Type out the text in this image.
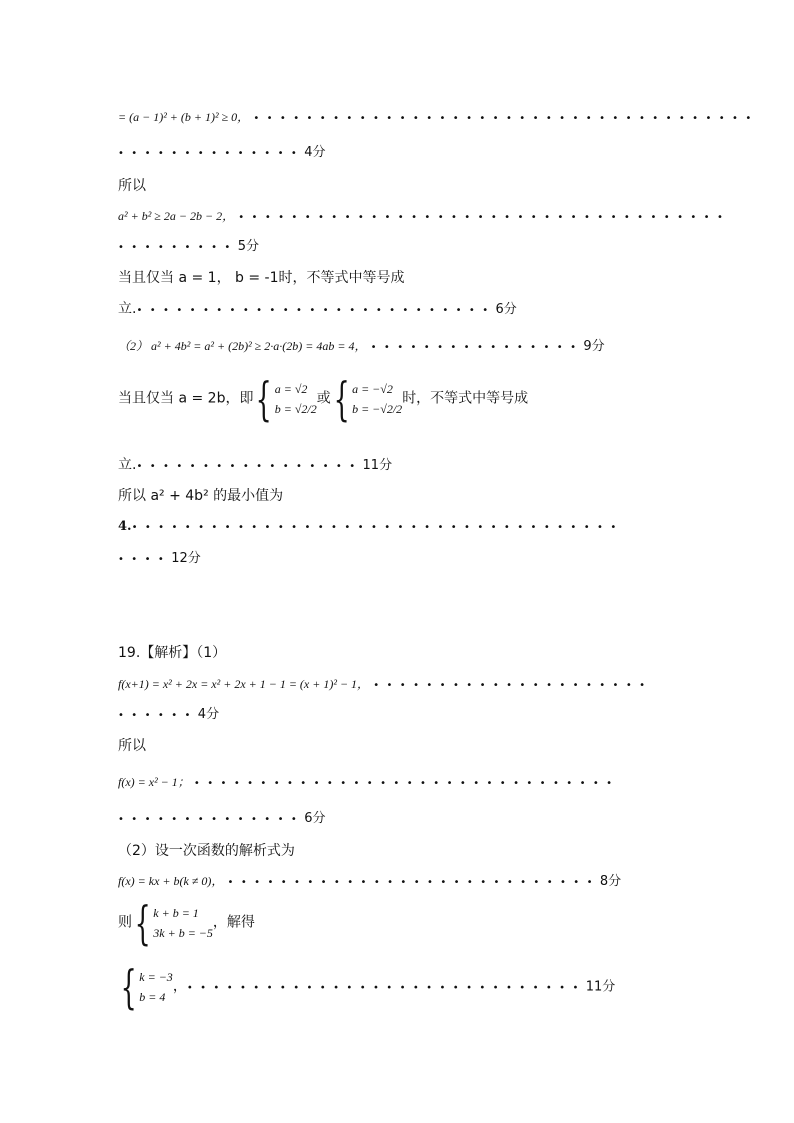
= (a − 1)² + (b + 1)² ≥ 0， ••••••••••••••••••••••••••••••••••••••
••••••••••••••4分
所以
a² + b² ≥ 2a − 2b − 2， •••••••••••••••••••••••••••••••••••••
•••••••••5分
当且仅当 a = 1， b = -1时，不等式中等号成
立.•••••••••••••••••••••••••••6分
（2） a² + 4b² = a² + (2b)² ≥ 2·a·(2b) = 4ab = 4， ••••••••••••••••9分
当且仅当 a = 2b，即{ a = √2
b = √2/2或{ a = −√2
b = −√2/2时，不等式中等号成
立.•••••••••••••••••11分
所以 a² + 4b² 的最小值为
4.•••••••••••••••••••••••••••••••••••••
••••12分
19.【解析】（1）
f(x+1) = x² + 2x = x² + 2x + 1 − 1 = (x + 1)² − 1， •••••••••••••••••••••
••••••4分
所以
f(x) = x² − 1； ••••••••••••••••••••••••••••••••
••••••••••••••6分
（2）设一次函数的解析式为
f(x) = kx + b(k ≠ 0)， ••••••••••••••••••••••••••••8分
则{ k + b = 1
3k + b = −5，解得
{ k = −3
b = 4，••••••••••••••••••••••••••••••11分
